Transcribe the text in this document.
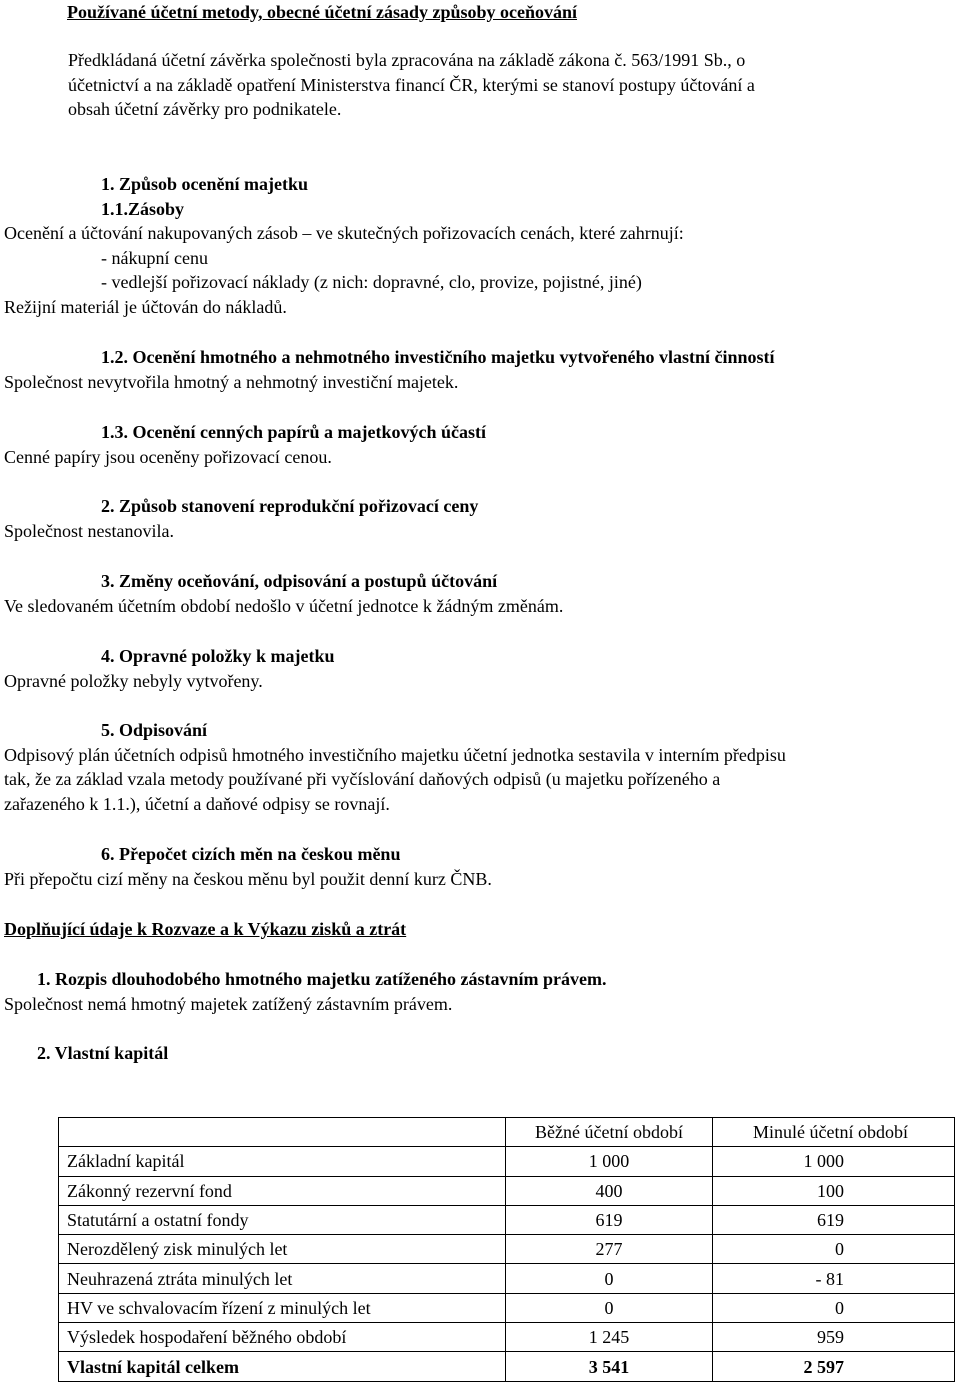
Používané účetní metody, obecné účetní zásady způsoby oceňování
Předkládaná účetní závěrka společnosti byla zpracována na základě zákona č. 563/1991 Sb., o
účetnictví a na základě opatření Ministerstva financí ČR, kterými se stanoví postupy účtování a
obsah účetní závěrky pro podnikatele.
1. Způsob ocenění majetku
1.1.Zásoby
Ocenění a účtování nakupovaných zásob – ve skutečných pořizovacích cenách, které zahrnují:
- nákupní cenu
- vedlejší pořizovací náklady (z nich: dopravné, clo, provize, pojistné, jiné)
Režijní materiál je účtován do nákladů.
1.2. Ocenění hmotného a nehmotného investičního majetku vytvořeného vlastní činností
Společnost nevytvořila hmotný a nehmotný investiční majetek.
1.3. Ocenění cenných papírů a majetkových účastí
Cenné papíry jsou oceněny pořizovací cenou.
2. Způsob stanovení reprodukční pořizovací ceny
Společnost nestanovila.
3. Změny oceňování, odpisování a postupů účtování
Ve sledovaném účetním období nedošlo v účetní jednotce k žádným změnám.
4. Opravné položky k majetku
Opravné položky nebyly vytvořeny.
5. Odpisování
Odpisový plán účetních odpisů hmotného investičního majetku účetní jednotka sestavila v interním předpisu
tak, že za základ vzala metody používané při vyčíslování daňových odpisů (u majetku pořízeného a
zařazeného k 1.1.), účetní a daňové odpisy se rovnají.
6. Přepočet cizích měn na českou měnu
Při přepočtu cizí měny na českou měnu byl použit denní kurz ČNB.
Doplňující údaje k Rozvaze a k Výkazu zisků a ztrát
1. Rozpis dlouhodobého hmotného majetku zatíženého zástavním právem.
Společnost nemá hmotný majetek zatížený zástavním právem.
2. Vlastní kapitál
	Běžné účetní období	Minulé účetní období
Základní kapitál	1 000	1 000
Zákonný rezervní fond	400	100
Statutární a ostatní fondy	619	619
Nerozdělený zisk minulých let	277	0
Neuhrazená ztráta minulých let	0	- 81
HV ve schvalovacím řízení z minulých let	0	0
Výsledek hospodaření běžného období	1 245	959
Vlastní kapitál celkem	3 541	2 597
